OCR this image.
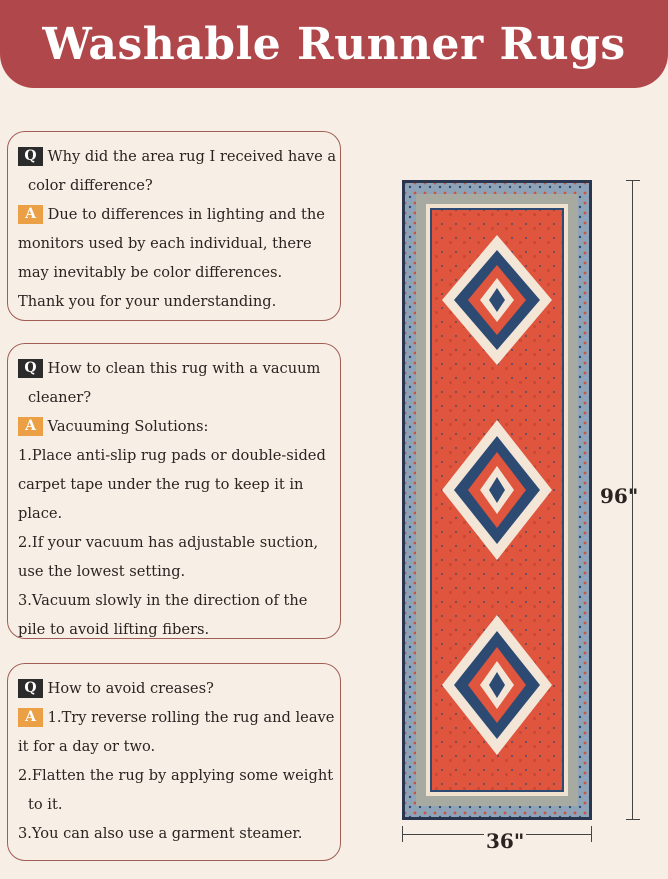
Washable Runner Rugs
Q Why did the area rug I received have a
color difference?
A Due to differences in lighting and the
monitors used by each individual, there
may inevitably be color differences.
Thank you for your understanding.
Q How to clean this rug with a vacuum
cleaner?
A Vacuuming Solutions:
1.Place anti-slip rug pads or double-sided
carpet tape under the rug to keep it in
place.
2.If your vacuum has adjustable suction,
use the lowest setting.
3.Vacuum slowly in the direction of the
pile to avoid lifting fibers.
Q How to avoid creases?
A 1.Try reverse rolling the rug and leave
it for a day or two.
2.Flatten the rug by applying some weight
to it.
3.You can also use a garment steamer.
96"
36"
